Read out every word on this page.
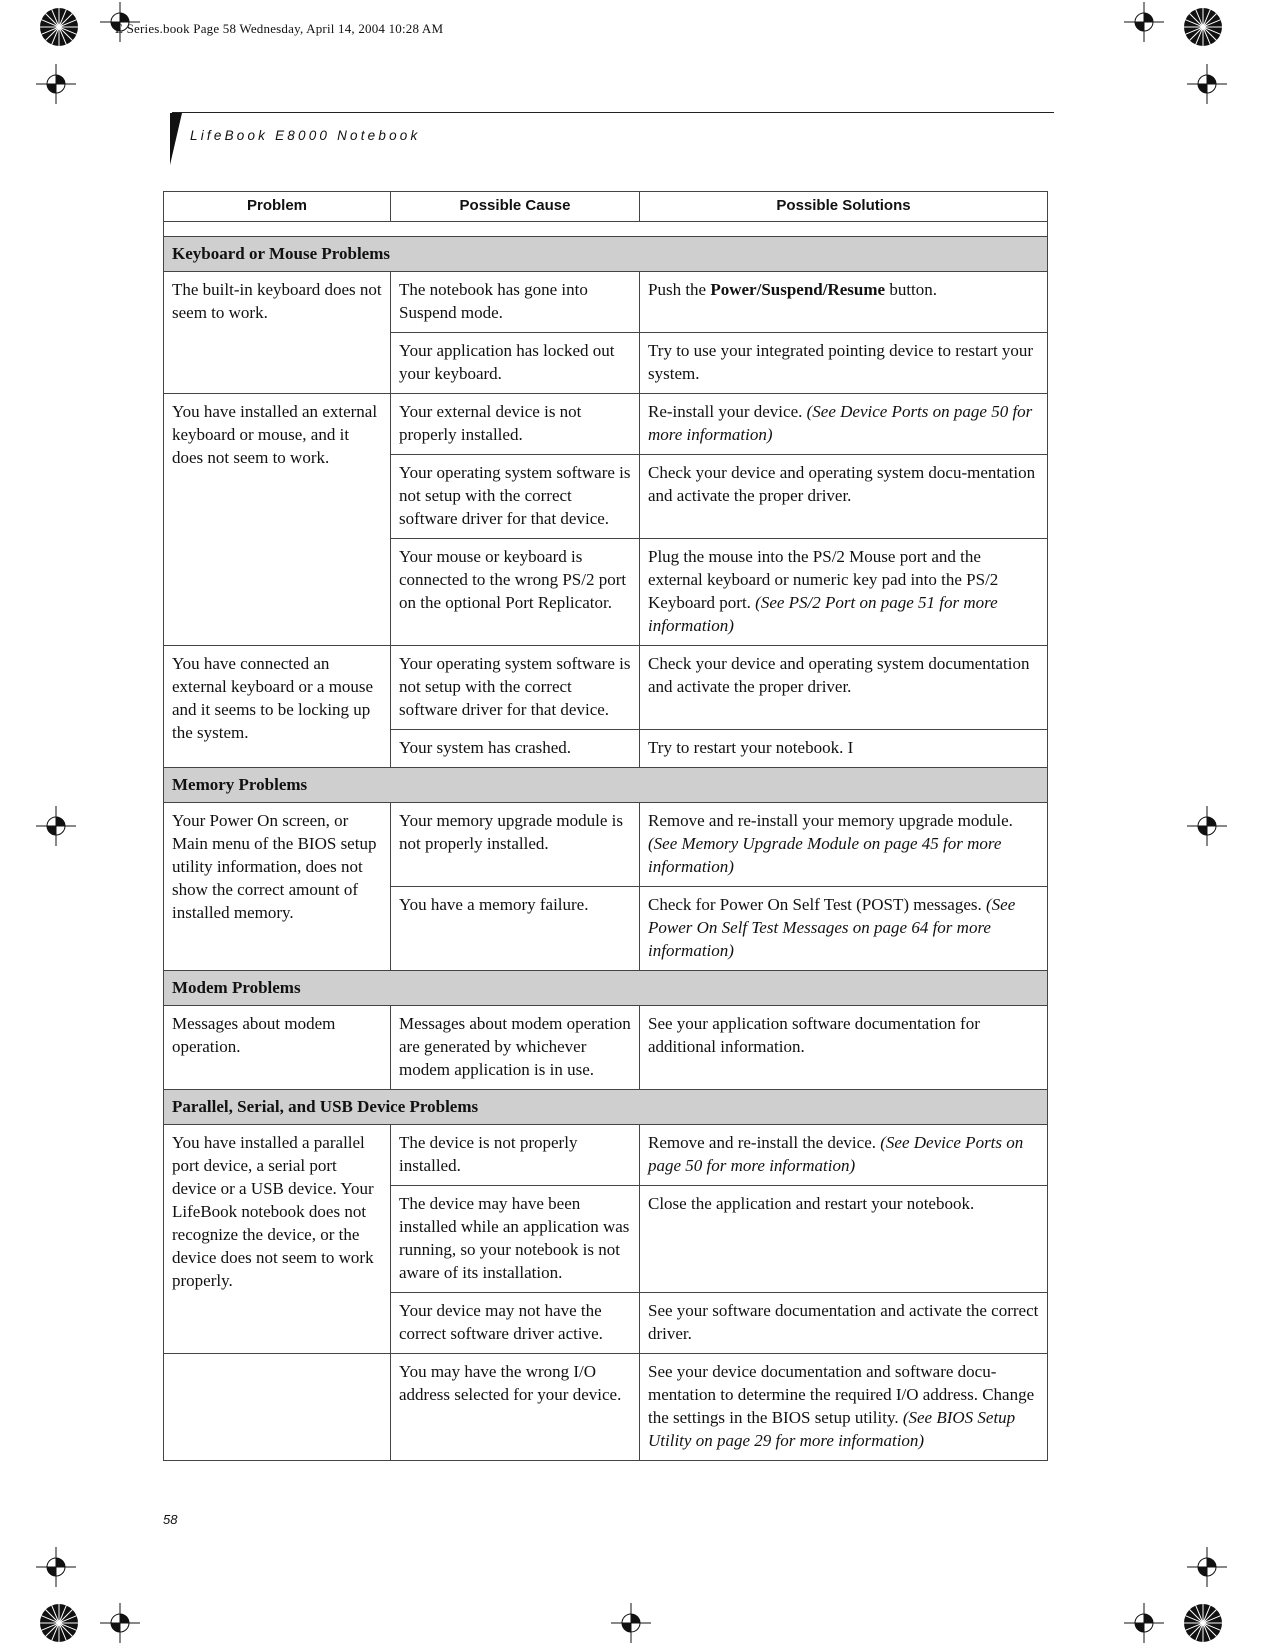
E Series.book Page 58 Wednesday, April 14, 2004 10:28 AM
LifeBook E8000 Notebook
Problem	Possible Cause	Possible Solutions

Keyboard or Mouse Problems		
The built-in keyboard does not seem to work.	The notebook has gone into Suspend mode.	Push the Power/Suspend/Resume button.
	Your application has locked out your keyboard.	Try to use your integrated pointing device to restart your system.
You have installed an external keyboard or mouse, and it does not seem to work.	Your external device is not properly installed.	Re-install your device. (See Device Ports on page 50 for more information)
	Your operating system software is not setup with the correct software driver for that device.	Check your device and operating system docu-mentation and activate the proper driver.
	Your mouse or keyboard is connected to the wrong PS/2 port on the optional Port Replicator.	Plug the mouse into the PS/2 Mouse port and the external keyboard or numeric key pad into the PS/2 Keyboard port. (See PS/2 Port on page 51 for more information)
You have connected an external keyboard or a mouse and it seems to be locking up the system.	Your operating system software is not setup with the correct software driver for that device.	Check your device and operating system documentation and activate the proper driver.
	Your system has crashed.	Try to restart your notebook. I
Memory Problems		
Your Power On screen, or Main menu of the BIOS setup utility information, does not show the correct amount of installed memory.	Your memory upgrade module is not properly installed.	Remove and re-install your memory upgrade module. (See Memory Upgrade Module on page 45 for more information)
	You have a memory failure.	Check for Power On Self Test (POST) messages. (See Power On Self Test Messages on page 64 for more information)
Modem Problems		
Messages about modem operation.	Messages about modem operation are generated by whichever modem application is in use.	See your application software documentation for additional information.
Parallel, Serial, and USB Device Problems		
You have installed a parallel port device, a serial port device or a USB device. Your LifeBook notebook does not recognize the device, or the device does not seem to work properly.	The device is not properly installed.	Remove and re-install the device. (See Device Ports on page 50 for more information)
	The device may have been installed while an application was running, so your notebook is not aware of its installation.	Close the application and restart your notebook.
	Your device may not have the correct software driver active.	See your software documentation and activate the correct driver.
	You may have the wrong I/O address selected for your device.	See your device documentation and software docu-mentation to determine the required I/O address. Change the settings in the BIOS setup utility. (See BIOS Setup Utility on page 29 for more information)
58
